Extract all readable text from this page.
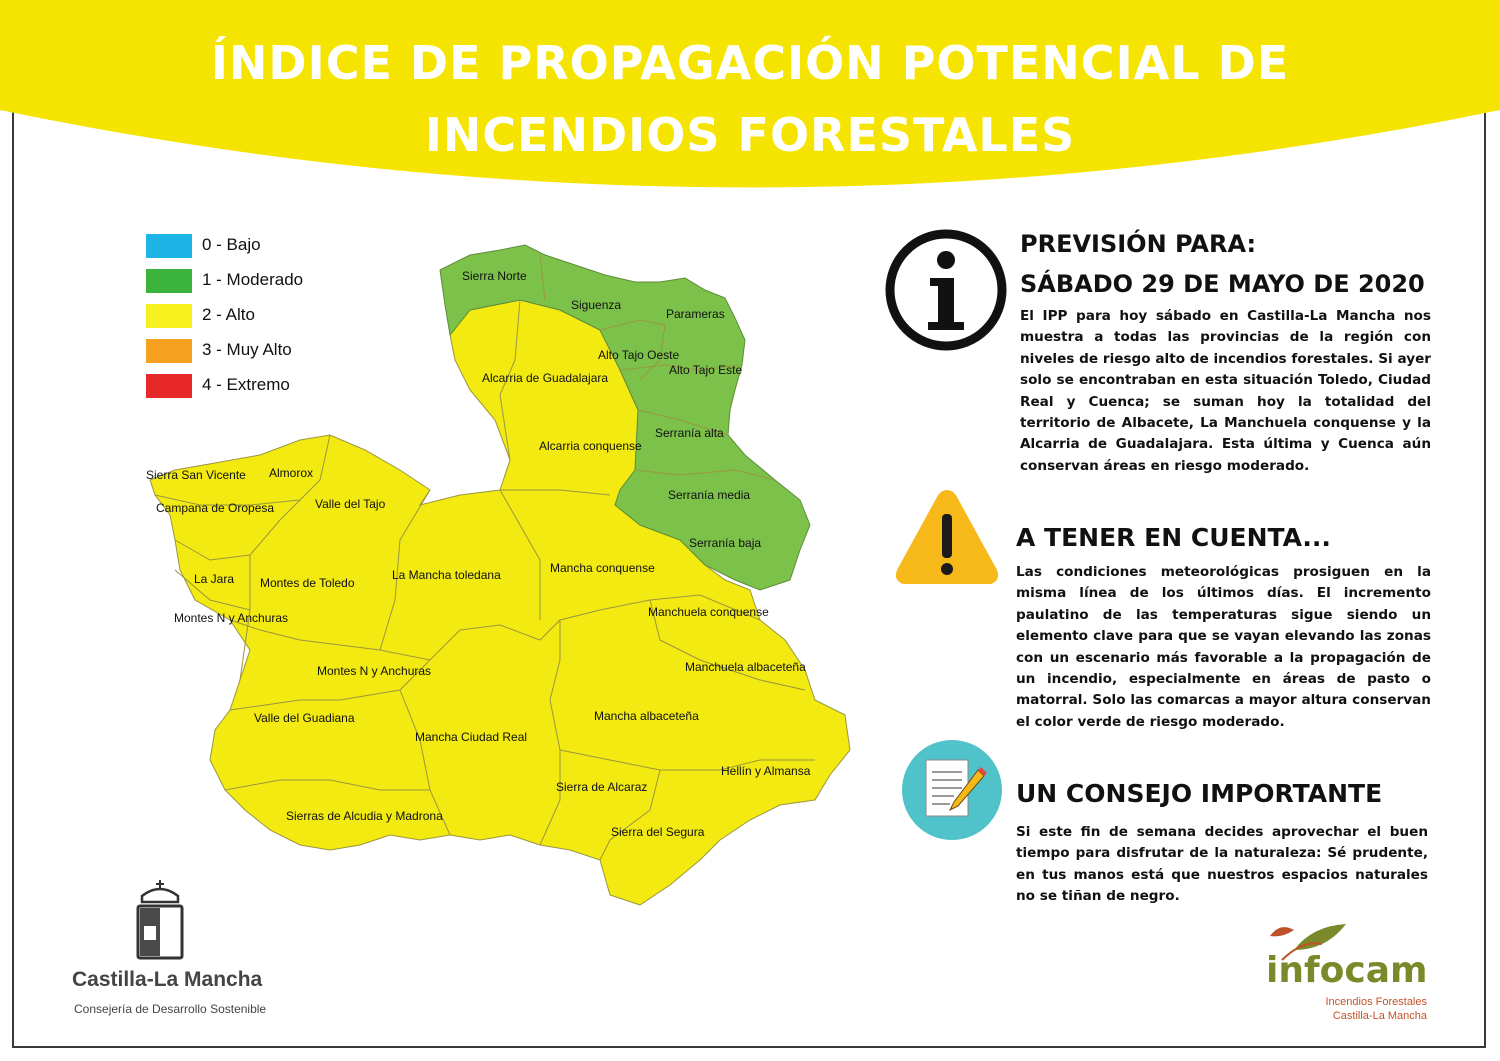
ÍNDICE DE PROPAGACIÓN POTENCIAL DE
INCENDIOS FORESTALES
0 - Bajo
1 - Moderado
2 - Alto
3 - Muy Alto
4 - Extremo
Sierra Norte
Siguenza
Parameras
Alto Tajo Oeste
Alto Tajo Este
Alcarria de Guadalajara
Serranía alta
Alcarria conquense
Sierra San Vicente Almorox
Valle del Tajo
Campana de Oropesa
Serranía media
Serranía baja
La Jara Montes de Toledo
La Mancha toledana	Mancha conquense
Montes N y Anchuras	Manchuela conquense
Montes N y Anchuras	Manchuela albaceteña
Valle del Guadiana	Mancha albaceteña
Mancha Ciudad Real
Hellín y Almansa
Sierra de Alcaraz
Sierras de Alcudia y Madrona
Sierra del Segura
PREVISIÓN PARA:
SÁBADO 29 DE MAYO DE 2020
El IPP para hoy sábado en Castilla-La Mancha nos muestra a todas las provincias de la región con niveles de riesgo alto de incendios forestales. Si ayer solo se encontraban en esta situación Toledo, Ciudad Real y Cuenca; se suman hoy la totalidad del territorio de Albacete, La Manchuela conquense y la Alcarria de Guadalajara. Esta última y Cuenca aún conservan áreas en riesgo moderado.
A TENER EN CUENTA...
Las condiciones meteorológicas prosiguen en la misma línea de los últimos días. El incremento paulatino de las temperaturas sigue siendo un elemento clave para que se vayan elevando las zonas con un escenario más favorable a la propagación de un incendio, especialmente en áreas de pasto o matorral. Solo las comarcas a mayor altura conservan el color verde de riesgo moderado.
UN CONSEJO IMPORTANTE
Si este fin de semana decides aprovechar el buen tiempo para disfrutar de la naturaleza: Sé prudente, en tus manos está que nuestros espacios naturales no se tiñan de negro.
Castilla-La Mancha
Consejería de Desarrollo Sostenible
infocam
Incendios Forestales
Castilla-La Mancha
